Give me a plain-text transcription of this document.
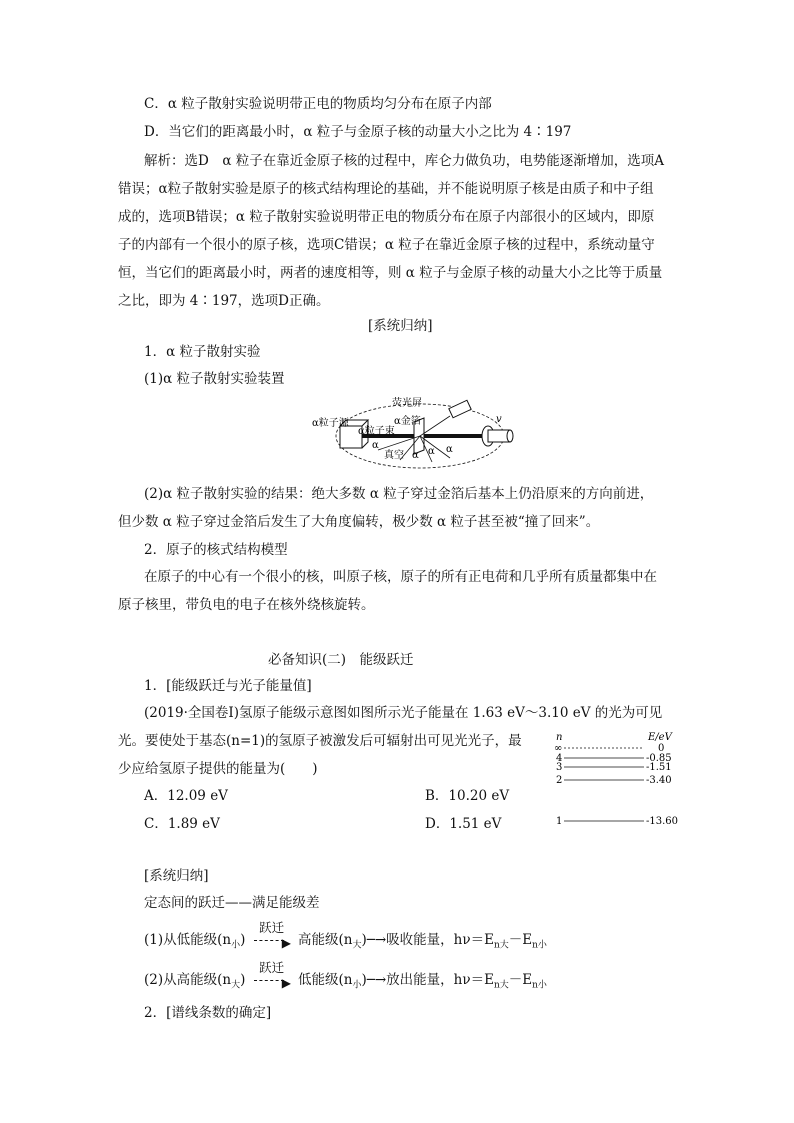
C．α 粒子散射实验说明带正电的物质均匀分布在原子内部
D．当它们的距离最小时，α 粒子与金原子核的动量大小之比为 4∶197
解析：选D　α 粒子在靠近金原子核的过程中，库仑力做负功，电势能逐渐增加，选项A
错误；α粒子散射实验是原子的核式结构理论的基础，并不能说明原子核是由质子和中子组
成的，选项B错误；α 粒子散射实验说明带正电的物质分布在原子内部很小的区域内，即原
子的内部有一个很小的原子核，选项C错误；α 粒子在靠近金原子核的过程中，系统动量守
恒，当它们的距离最小时，两者的速度相等，则 α 粒子与金原子核的动量大小之比等于质量
之比，即为 4∶197，选项D正确。
[系统归纳]
1．α 粒子散射实验
(1)α 粒子散射实验装置
荧光屏
α粒子源
α粒子束
α金箔
真空
v
α
α α α
(2)α 粒子散射实验的结果：绝大多数 α 粒子穿过金箔后基本上仍沿原来的方向前进，
但少数 α 粒子穿过金箔后发生了大角度偏转，极少数 α 粒子甚至被“撞了回来”。
2．原子的核式结构模型
在原子的中心有一个很小的核，叫原子核，原子的所有正电荷和几乎所有质量都集中在
原子核里，带负电的电子在核外绕核旋转。
必备知识(二)　能级跃迁
1．[能级跃迁与光子能量值]
(2019·全国卷Ⅰ)氢原子能级示意图如图所示光子能量在 1.63 eV～3.10 eV 的光为可见
光。要使处于基态(n=1)的氢原子被激发后可辐射出可见光光子，最
少应给氢原子提供的能量为(　　)
A．12.09 eV	B．10.20 eV
C．1.89 eV	D．1.51 eV
n	E/eV
∞	0
4	-0.85
3	-1.51
2	-3.40
1	-13.60
[系统归纳]
定态间的跃迁——满足能级差
(1)从低能级$(n_小)$
跃迁
▶ 高能级$(n_大)─\to$吸收能量，$h\nu=E_{n大}-E_{n小}$
(2)从高能级$(n_大)$
跃迁
▶ 低能级$(n_小)─\to$放出能量，$h\nu=E_{n大}-E_{n小}$
2．[谱线条数的确定]
